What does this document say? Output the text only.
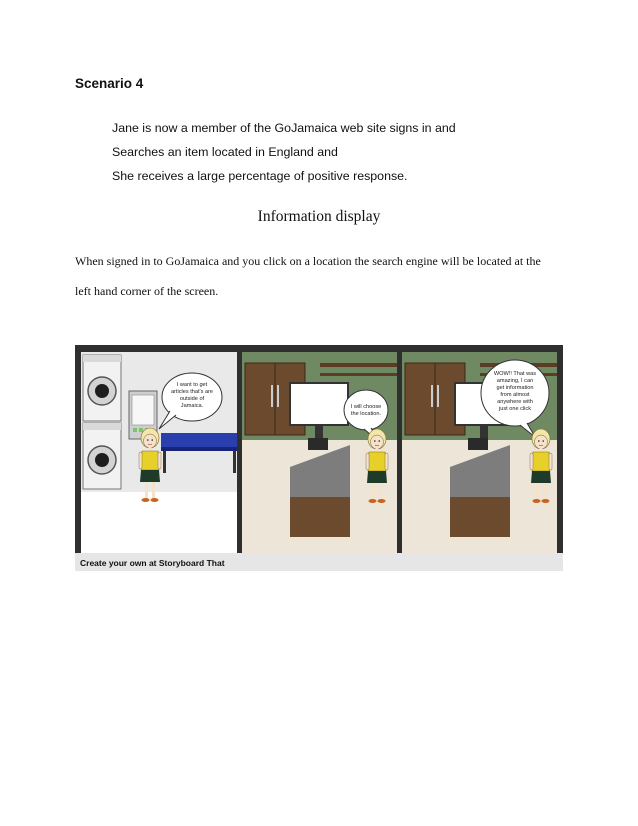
Scenario 4
Jane is now a member of the GoJamaica web site signs in and
Searches an item located in England and
She receives a large percentage of positive response.
Information display
When signed in to GoJamaica and you click on a location the search engine will be located at the
left hand corner of the screen.
I want to get
articles that's are
outside of
Jamaica.	I will choose
the location.
WOW!! That was
amazing, I can
get information
from almost
anywhere with
just one click
Create your own at Storyboard That
